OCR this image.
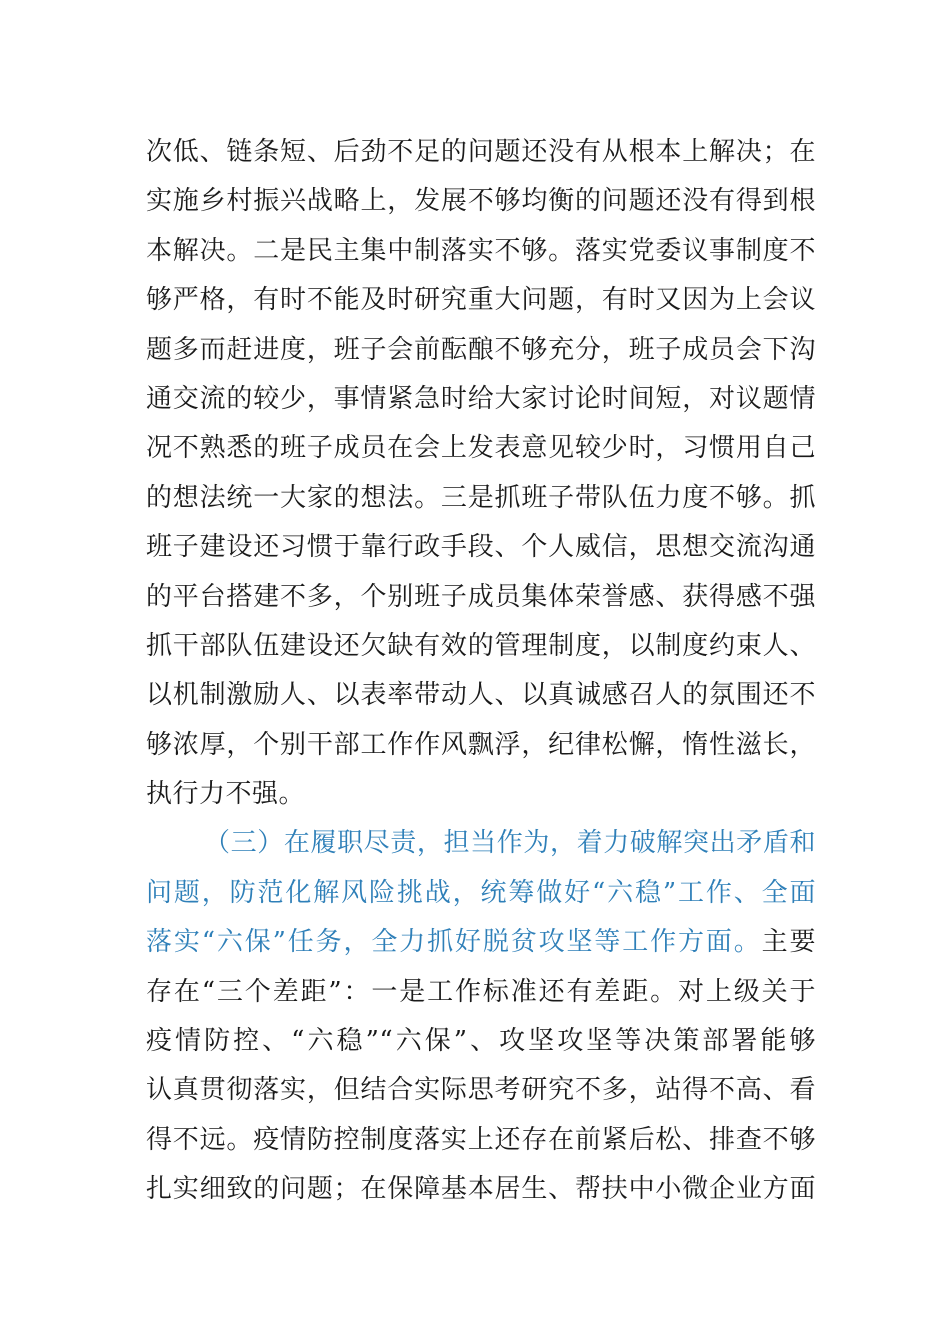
次低、链条短、后劲不足的问题还没有从根本上解决；在
实施乡村振兴战略上，发展不够均衡的问题还没有得到根
本解决。二是民主集中制落实不够。落实党委议事制度不
够严格，有时不能及时研究重大问题，有时又因为上会议
题多而赶进度，班子会前酝酿不够充分，班子成员会下沟
通交流的较少，事情紧急时给大家讨论时间短，对议题情
况不熟悉的班子成员在会上发表意见较少时，习惯用自己
的想法统一大家的想法。三是抓班子带队伍力度不够。抓
班子建设还习惯于靠行政手段、个人威信，思想交流沟通
的平台搭建不多，个别班子成员集体荣誉感、获得感不强
抓干部队伍建设还欠缺有效的管理制度，以制度约束人、
以机制激励人、以表率带动人、以真诚感召人的氛围还不
够浓厚，个别干部工作作风飘浮，纪律松懈，惰性滋长，
执行力不强。
（三）在履职尽责，担当作为，着力破解突出矛盾和
问题，防范化解风险挑战，统筹做好“六稳”工作、全面
落实“六保”任务，全力抓好脱贫攻坚等工作方面。主要
存在“三个差距”：一是工作标准还有差距。对上级关于
疫情防控、“六稳”“六保”、攻坚攻坚等决策部署能够
认真贯彻落实，但结合实际思考研究不多，站得不高、看
得不远。疫情防控制度落实上还存在前紧后松、排查不够
扎实细致的问题；在保障基本居生、帮扶中小微企业方面
